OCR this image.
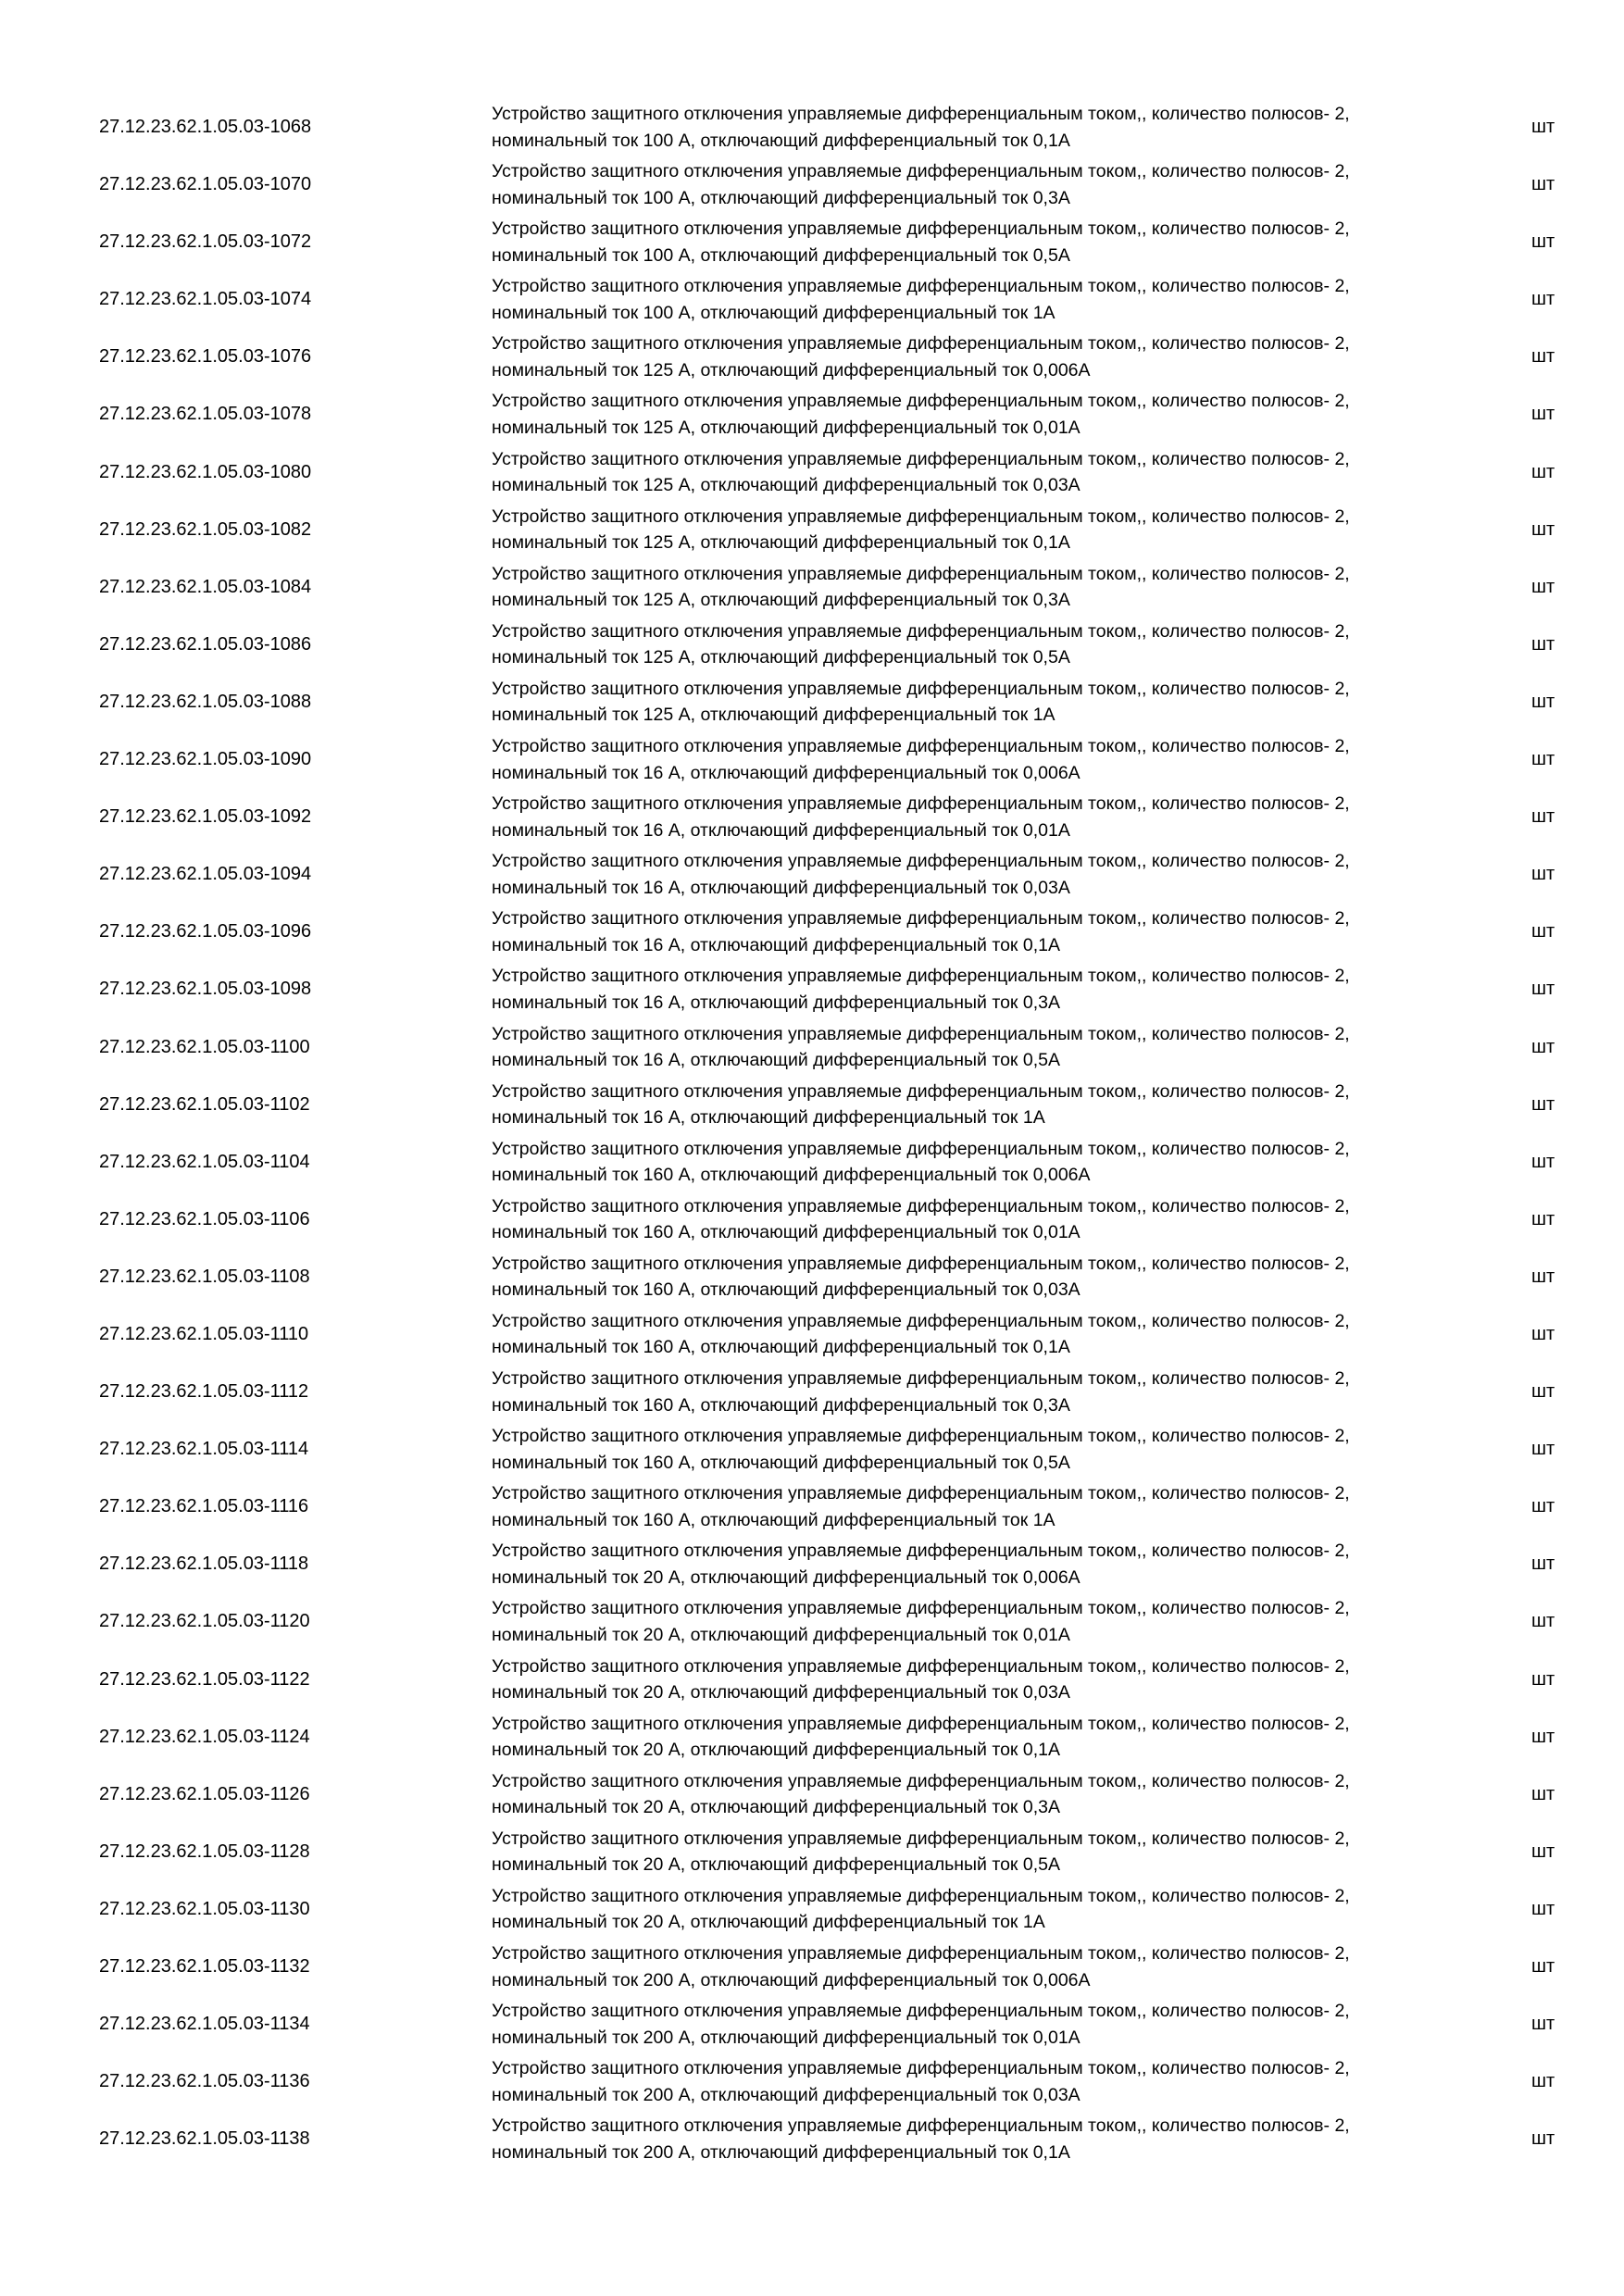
27.12.23.62.1.05.03-1068
Устройство защитного отключения управляемые дифференциальным током,, количество полюсов- 2,
номинальный ток 100 А, отключающий дифференциальный ток 0,1А
шт
27.12.23.62.1.05.03-1070
Устройство защитного отключения управляемые дифференциальным током,, количество полюсов- 2,
номинальный ток 100 А, отключающий дифференциальный ток 0,3А
шт
27.12.23.62.1.05.03-1072
Устройство защитного отключения управляемые дифференциальным током,, количество полюсов- 2,
номинальный ток 100 А, отключающий дифференциальный ток 0,5А
шт
27.12.23.62.1.05.03-1074
Устройство защитного отключения управляемые дифференциальным током,, количество полюсов- 2,
номинальный ток 100 А, отключающий дифференциальный ток 1А
шт
27.12.23.62.1.05.03-1076
Устройство защитного отключения управляемые дифференциальным током,, количество полюсов- 2,
номинальный ток 125 А, отключающий дифференциальный ток 0,006А
шт
27.12.23.62.1.05.03-1078
Устройство защитного отключения управляемые дифференциальным током,, количество полюсов- 2,
номинальный ток 125 А, отключающий дифференциальный ток 0,01А
шт
27.12.23.62.1.05.03-1080
Устройство защитного отключения управляемые дифференциальным током,, количество полюсов- 2,
номинальный ток 125 А, отключающий дифференциальный ток 0,03А
шт
27.12.23.62.1.05.03-1082
Устройство защитного отключения управляемые дифференциальным током,, количество полюсов- 2,
номинальный ток 125 А, отключающий дифференциальный ток 0,1А
шт
27.12.23.62.1.05.03-1084
Устройство защитного отключения управляемые дифференциальным током,, количество полюсов- 2,
номинальный ток 125 А, отключающий дифференциальный ток 0,3А
шт
27.12.23.62.1.05.03-1086
Устройство защитного отключения управляемые дифференциальным током,, количество полюсов- 2,
номинальный ток 125 А, отключающий дифференциальный ток 0,5А
шт
27.12.23.62.1.05.03-1088
Устройство защитного отключения управляемые дифференциальным током,, количество полюсов- 2,
номинальный ток 125 А, отключающий дифференциальный ток 1А
шт
27.12.23.62.1.05.03-1090
Устройство защитного отключения управляемые дифференциальным током,, количество полюсов- 2,
номинальный ток 16 А, отключающий дифференциальный ток 0,006А
шт
27.12.23.62.1.05.03-1092
Устройство защитного отключения управляемые дифференциальным током,, количество полюсов- 2,
номинальный ток 16 А, отключающий дифференциальный ток 0,01А
шт
27.12.23.62.1.05.03-1094
Устройство защитного отключения управляемые дифференциальным током,, количество полюсов- 2,
номинальный ток 16 А, отключающий дифференциальный ток 0,03А
шт
27.12.23.62.1.05.03-1096
Устройство защитного отключения управляемые дифференциальным током,, количество полюсов- 2,
номинальный ток 16 А, отключающий дифференциальный ток 0,1А
шт
27.12.23.62.1.05.03-1098
Устройство защитного отключения управляемые дифференциальным током,, количество полюсов- 2,
номинальный ток 16 А, отключающий дифференциальный ток 0,3А
шт
27.12.23.62.1.05.03-1100
Устройство защитного отключения управляемые дифференциальным током,, количество полюсов- 2,
номинальный ток 16 А, отключающий дифференциальный ток 0,5А
шт
27.12.23.62.1.05.03-1102
Устройство защитного отключения управляемые дифференциальным током,, количество полюсов- 2,
номинальный ток 16 А, отключающий дифференциальный ток 1А
шт
27.12.23.62.1.05.03-1104
Устройство защитного отключения управляемые дифференциальным током,, количество полюсов- 2,
номинальный ток 160 А, отключающий дифференциальный ток 0,006А
шт
27.12.23.62.1.05.03-1106
Устройство защитного отключения управляемые дифференциальным током,, количество полюсов- 2,
номинальный ток 160 А, отключающий дифференциальный ток 0,01А
шт
27.12.23.62.1.05.03-1108
Устройство защитного отключения управляемые дифференциальным током,, количество полюсов- 2,
номинальный ток 160 А, отключающий дифференциальный ток 0,03А
шт
27.12.23.62.1.05.03-1110
Устройство защитного отключения управляемые дифференциальным током,, количество полюсов- 2,
номинальный ток 160 А, отключающий дифференциальный ток 0,1А
шт
27.12.23.62.1.05.03-1112
Устройство защитного отключения управляемые дифференциальным током,, количество полюсов- 2,
номинальный ток 160 А, отключающий дифференциальный ток 0,3А
шт
27.12.23.62.1.05.03-1114
Устройство защитного отключения управляемые дифференциальным током,, количество полюсов- 2,
номинальный ток 160 А, отключающий дифференциальный ток 0,5А
шт
27.12.23.62.1.05.03-1116
Устройство защитного отключения управляемые дифференциальным током,, количество полюсов- 2,
номинальный ток 160 А, отключающий дифференциальный ток 1А
шт
27.12.23.62.1.05.03-1118
Устройство защитного отключения управляемые дифференциальным током,, количество полюсов- 2,
номинальный ток 20 А, отключающий дифференциальный ток 0,006А
шт
27.12.23.62.1.05.03-1120
Устройство защитного отключения управляемые дифференциальным током,, количество полюсов- 2,
номинальный ток 20 А, отключающий дифференциальный ток 0,01А
шт
27.12.23.62.1.05.03-1122
Устройство защитного отключения управляемые дифференциальным током,, количество полюсов- 2,
номинальный ток 20 А, отключающий дифференциальный ток 0,03А
шт
27.12.23.62.1.05.03-1124
Устройство защитного отключения управляемые дифференциальным током,, количество полюсов- 2,
номинальный ток 20 А, отключающий дифференциальный ток 0,1А
шт
27.12.23.62.1.05.03-1126
Устройство защитного отключения управляемые дифференциальным током,, количество полюсов- 2,
номинальный ток 20 А, отключающий дифференциальный ток 0,3А
шт
27.12.23.62.1.05.03-1128
Устройство защитного отключения управляемые дифференциальным током,, количество полюсов- 2,
номинальный ток 20 А, отключающий дифференциальный ток 0,5А
шт
27.12.23.62.1.05.03-1130
Устройство защитного отключения управляемые дифференциальным током,, количество полюсов- 2,
номинальный ток 20 А, отключающий дифференциальный ток 1А
шт
27.12.23.62.1.05.03-1132
Устройство защитного отключения управляемые дифференциальным током,, количество полюсов- 2,
номинальный ток 200 А, отключающий дифференциальный ток 0,006А
шт
27.12.23.62.1.05.03-1134
Устройство защитного отключения управляемые дифференциальным током,, количество полюсов- 2,
номинальный ток 200 А, отключающий дифференциальный ток 0,01А
шт
27.12.23.62.1.05.03-1136
Устройство защитного отключения управляемые дифференциальным током,, количество полюсов- 2,
номинальный ток 200 А, отключающий дифференциальный ток 0,03А
шт
27.12.23.62.1.05.03-1138
Устройство защитного отключения управляемые дифференциальным током,, количество полюсов- 2,
номинальный ток 200 А, отключающий дифференциальный ток 0,1А
шт
